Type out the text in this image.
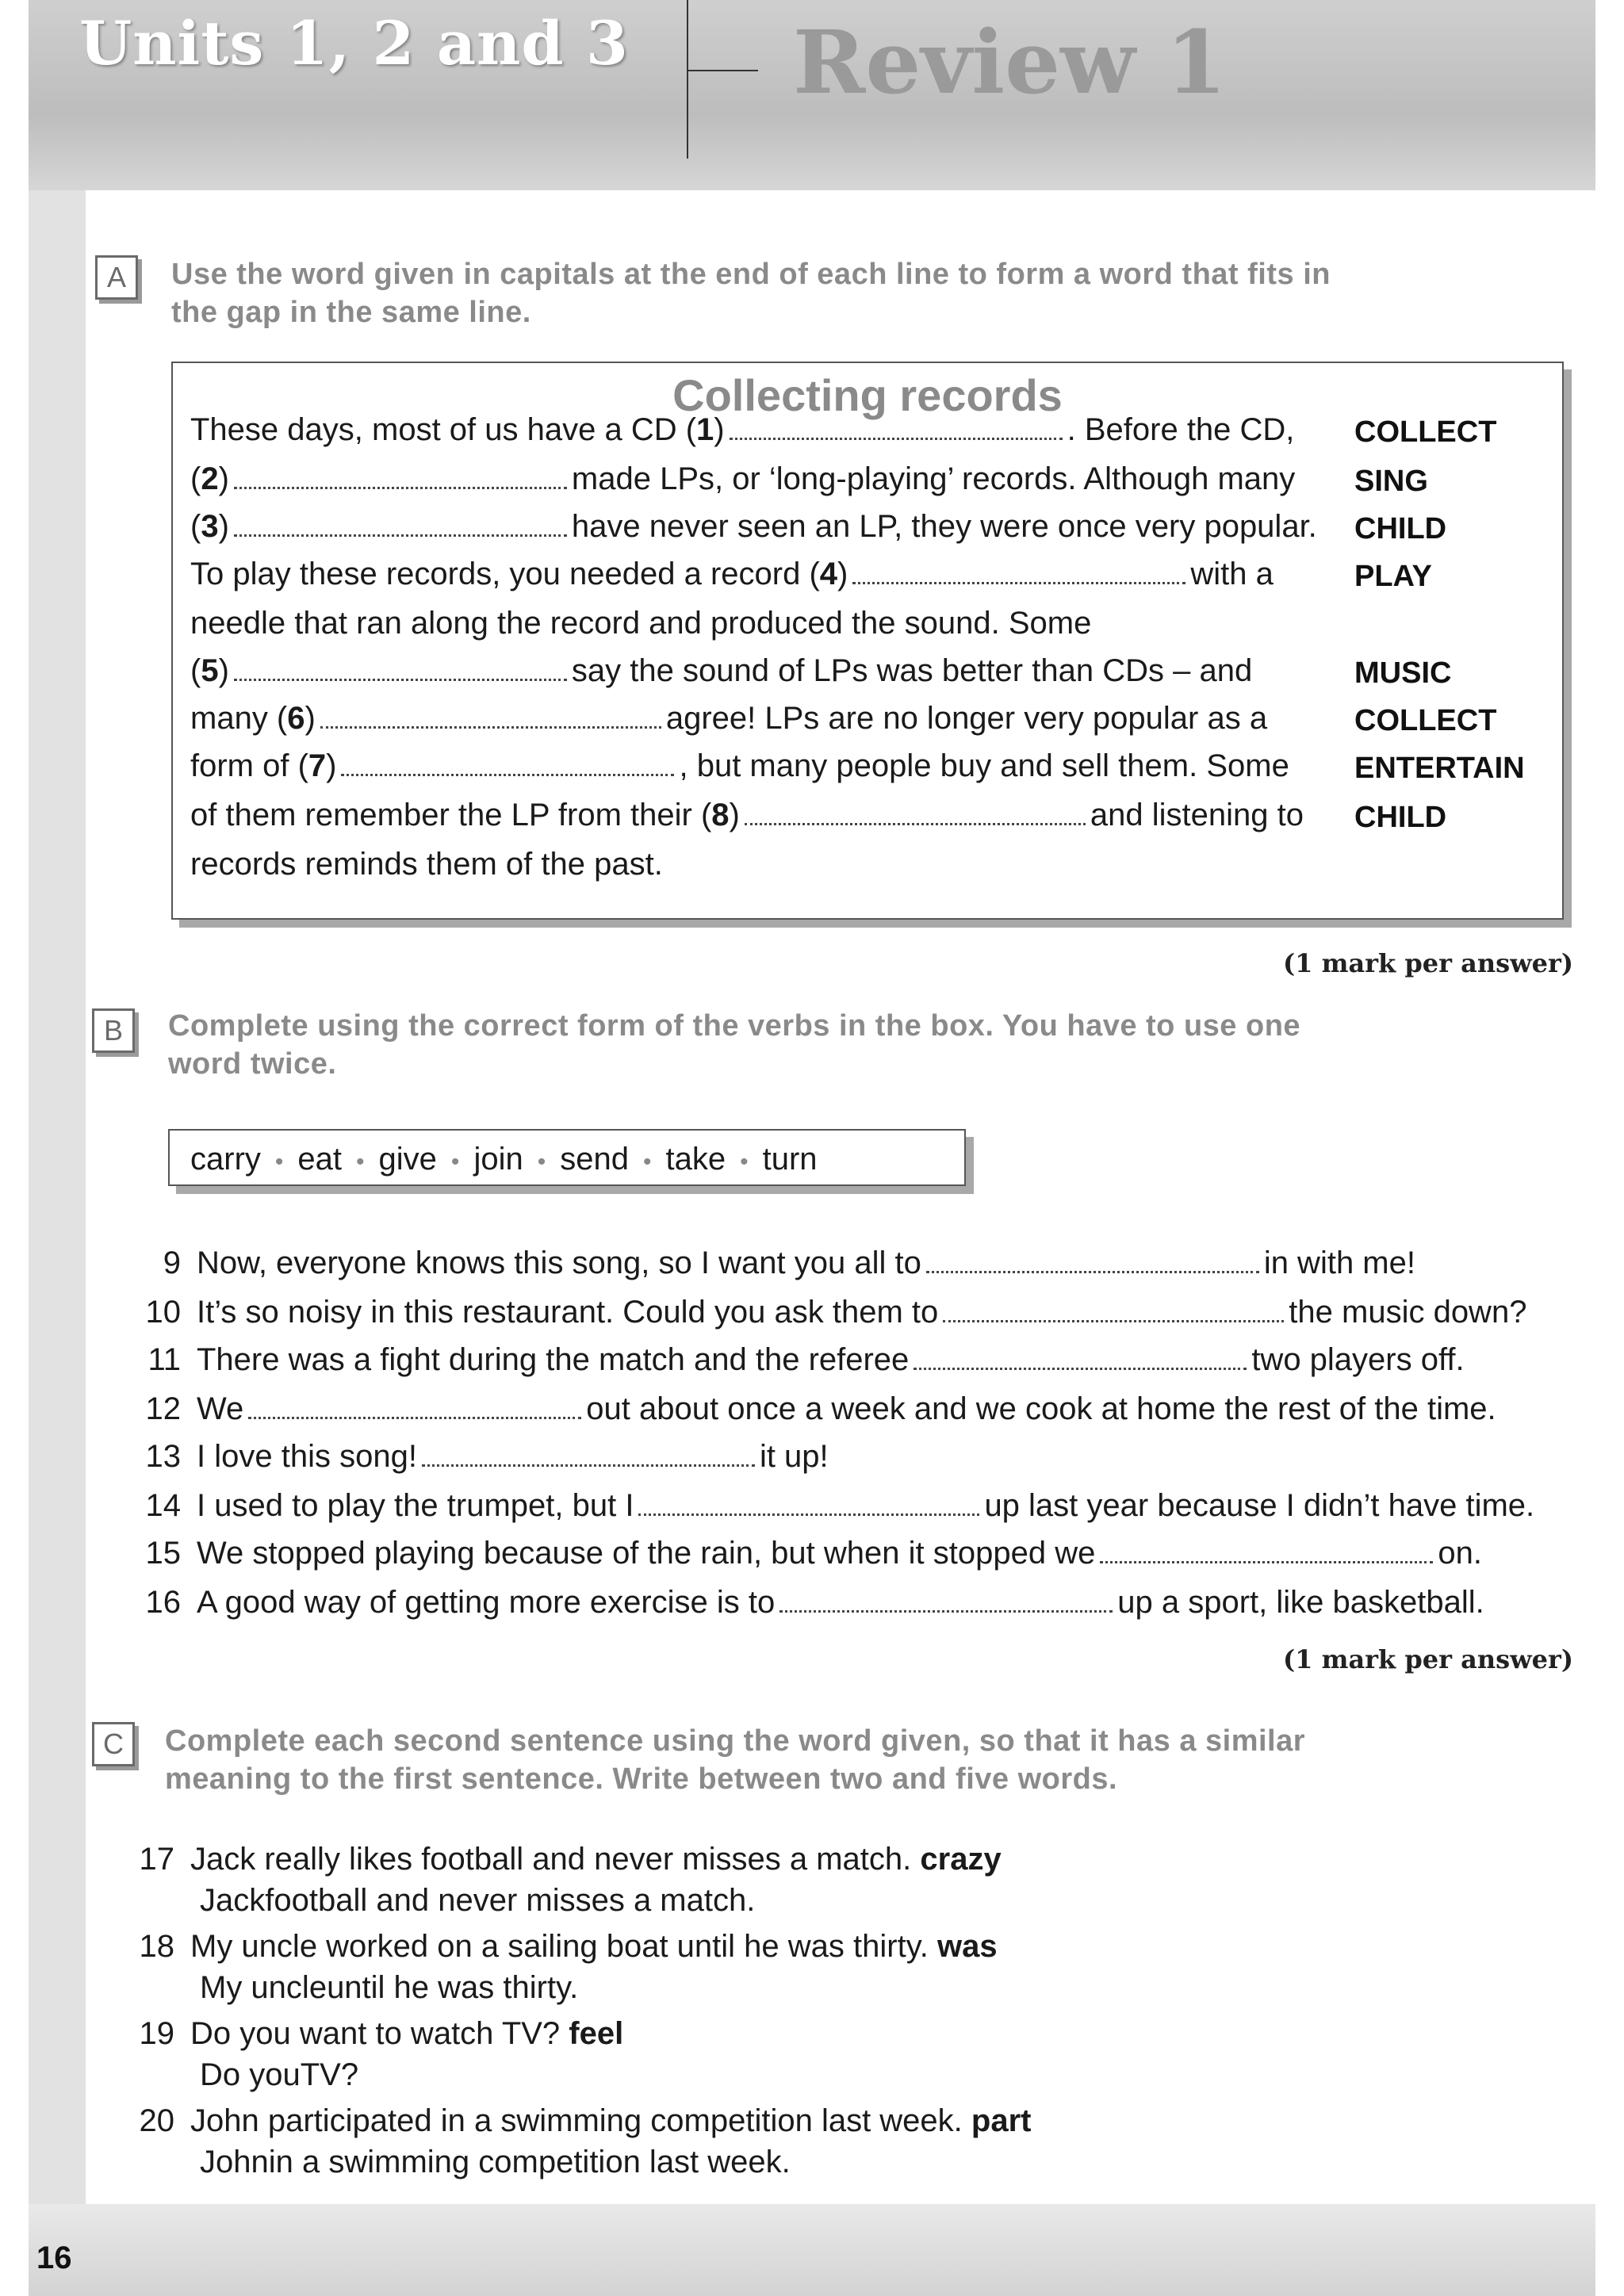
Units 1, 2 and 3 Review 1
16
A	Use the word given in capitals at the end of each line to form a word that fits in
the gap in the same line.
Collecting records
These days, most of us have a CD (1)	. Before the CD, COLLECT
(2)	made LPs, or ‘long-playing’ records. Although many SING
(3)	have never seen an LP, they were once very popular. CHILD
To play these records, you needed a record (4)	with a	PLAY
needle that ran along the record and produced the sound. Some
(5)	say the sound of LPs was better than CDs – and	MUSIC
many (6)	agree! LPs are no longer very popular as a	COLLECT
form of (7)	, but many people buy and sell them. Some ENTERTAIN
of them remember the LP from their (8)	and listening to CHILD
records reminds them of the past.
(1 mark per answer)
B	Complete using the correct form of the verbs in the box. You have to use one
word twice.
carry • eat • give • join • send • take • turn
9 Now, everyone knows this song, so I want you all to	in with me!
10 It’s so noisy in this restaurant. Could you ask them to	the music down?
11 There was a fight during the match and the referee	two players off.
12 We	out about once a week and we cook at home the rest of the time.
13 I love this song!	it up!
14 I used to play the trumpet, but I	up last year because I didn’t have time.
15 We stopped playing because of the rain, but when it stopped we	on.
16 A good way of getting more exercise is to	up a sport, like basketball.
(1 mark per answer)
C	Complete each second sentence using the word given, so that it has a similar
meaning to the first sentence. Write between two and five words.
17 Jack really likes football and never misses a match. crazy
Jackfootball and never misses a match.
18 My uncle worked on a sailing boat until he was thirty. was
My uncleuntil he was thirty.
19 Do you want to watch TV? feel
Do youTV?
20 John participated in a swimming competition last week. part
Johnin a swimming competition last week.
